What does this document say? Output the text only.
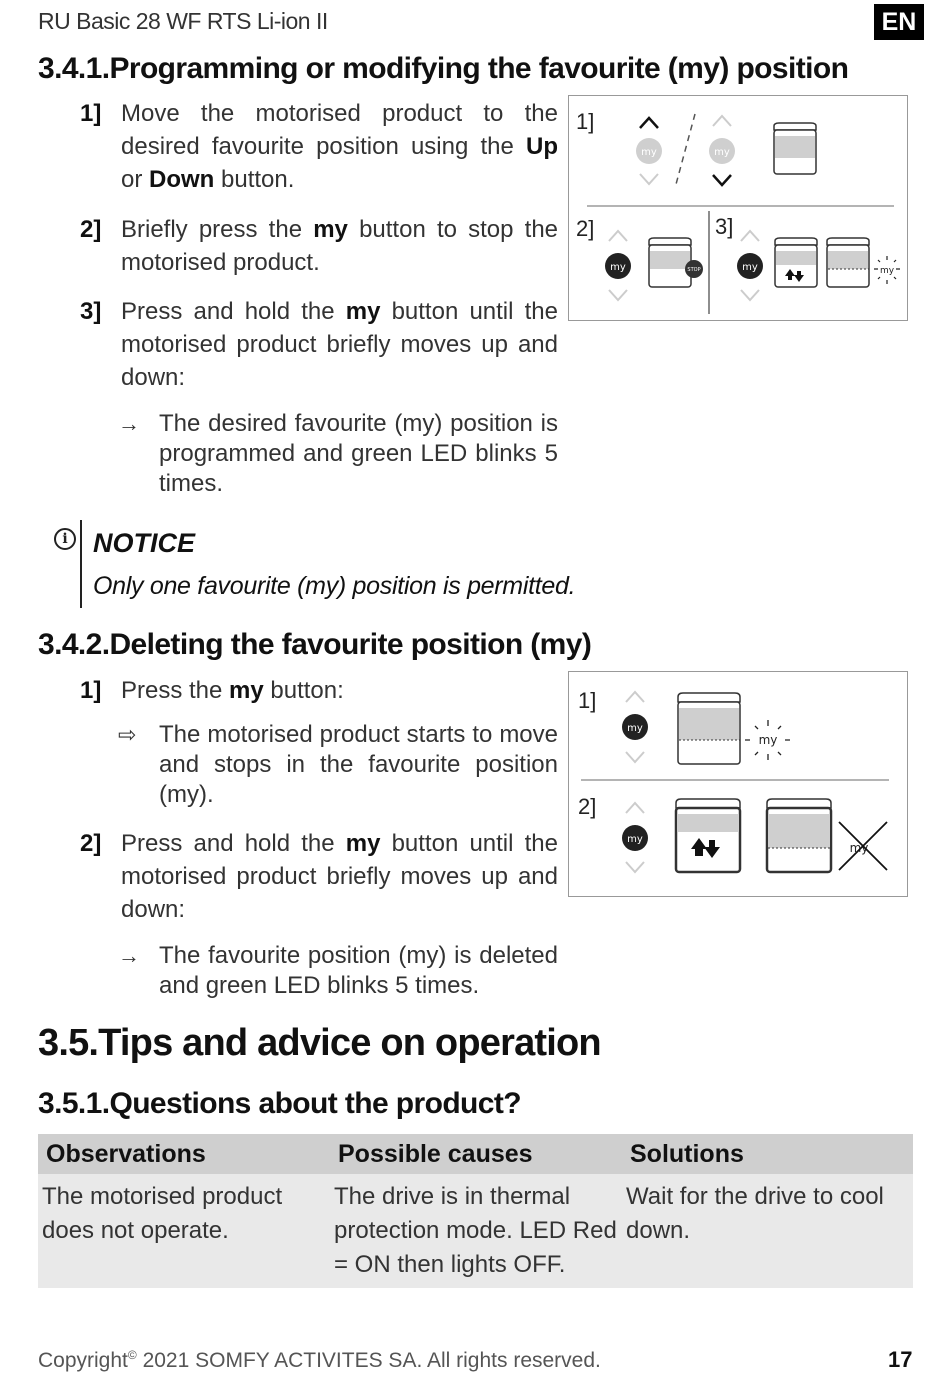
RU Basic 28 WF RTS Li-ion II	EN
3.4.1.Programming or modifying the favourite (my) position
1] Move the motorised product to the desired favourite position using the Up or Down button.
2] Briefly press the my button to stop the motorised product.
3] Press and hold the my button until the motorised product briefly moves up and down:
→ The desired favourite (my) position is programmed and green LED blinks 5 times.
1]
my	my
2]
my	STOP
3]
my	my
i NOTICE
Only one favourite (my) position is permitted.
3.4.2.Deleting the favourite position (my)
1] Press the my button:
⇨ The motorised product starts to move and stops in the favourite position (my).
2] Press and hold the my button until the motorised product briefly moves up and down:
→ The favourite position (my) is deleted and green LED blinks 5 times.
1]
my
my
2]
my
my
3.5.Tips and advice on operation
3.5.1.Questions about the product?
Observations	Possible causes	Solutions
The motorised product does not operate.	The drive is in thermal protection mode. LED Red = ON then lights OFF.	Wait for the drive to cool down.
Copyright© 2021 SOMFY ACTIVITES SA. All rights reserved.	17
